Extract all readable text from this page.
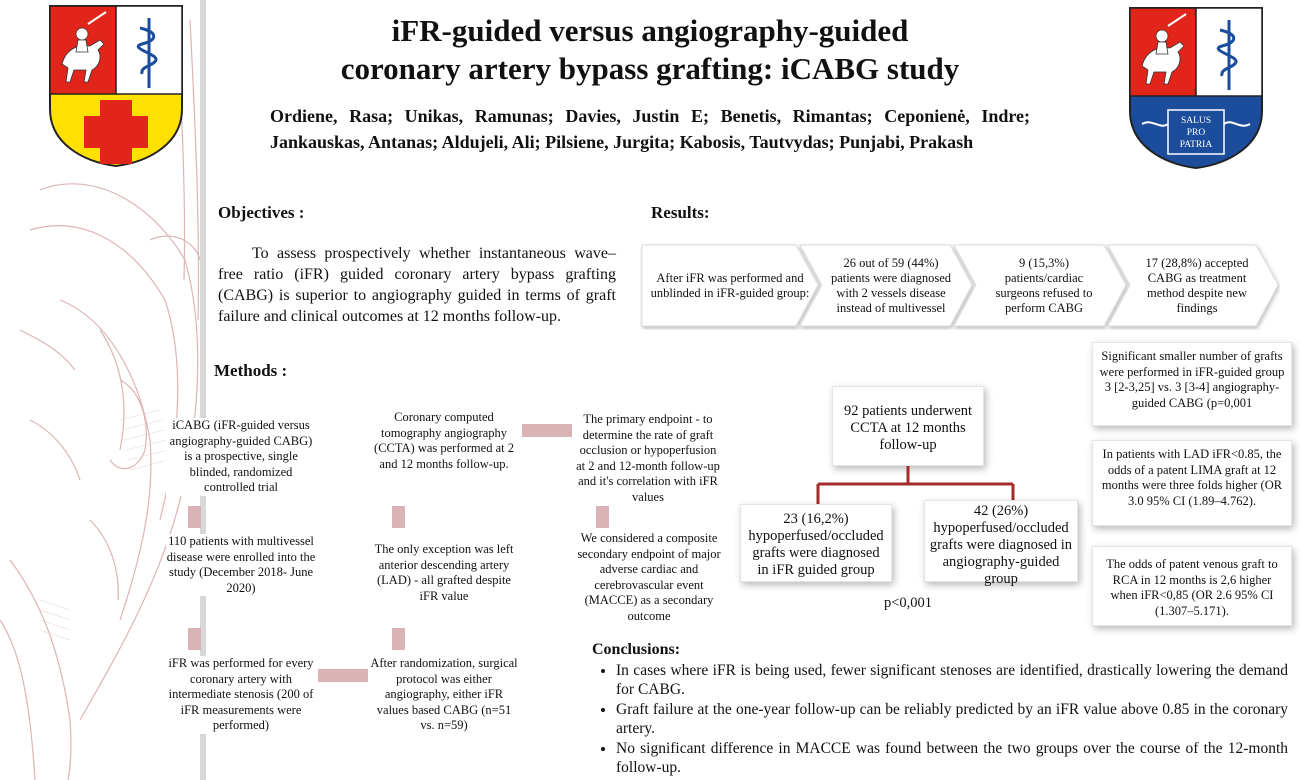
SALUS
PRO
PATRIA
iFR-guided versus angiography-guided
coronary artery bypass grafting: iCABG study
Ordiene, Rasa; Unikas, Ramunas; Davies, Justin E; Benetis, Rimantas; Ceponienė, Indre;
Jankauskas, Antanas; Aldujeli, Ali; Pilsiene, Jurgita; Kabosis, Tautvydas; Punjabi, Prakash
Objectives :
To assess prospectively whether instantaneous wave–free ratio (iFR) guided coronary artery bypass grafting (CABG) is superior to angiography guided in terms of graft failure and clinical outcomes at 12 months follow-up.
Methods :
iCABG (iFR-guided versus angiography-guided CABG) is a prospective, single blinded, randomized controlled trial
110 patients with multivessel disease were enrolled into the study (December 2018- June 2020)
iFR was performed for every coronary artery with intermediate stenosis (200 of iFR measurements were performed)
Coronary computed tomography angiography (CCTA) was performed at 2 and 12 months follow-up.
The only exception was left anterior descending artery (LAD) - all grafted despite iFR value
After randomization, surgical protocol was either angiography, either iFR values based CABG (n=51 vs. n=59)
The primary endpoint - to determine the rate of graft occlusion or hypoperfusion at 2 and 12-month follow-up and it's correlation with iFR values
We considered a composite secondary endpoint of major adverse cardiac and cerebrovascular event (MACCE) as a secondary outcome
Results:
After iFR was performed and unblinded in iFR-guided group:
26 out of 59 (44%) patients were diagnosed with 2 vessels disease instead of multivessel
9 (15,3%) patients/cardiac surgeons refused to perform CABG
17 (28,8%) accepted CABG as treatment method despite new findings
92 patients underwent CCTA at 12 months follow-up
23 (16,2%) hypoperfused/occluded grafts were diagnosed in iFR guided group
42 (26%) hypoperfused/occluded grafts were diagnosed in angiography-guided group
p<0,001
Significant smaller number of grafts were performed in iFR-guided group 3 [2-3,25] vs. 3 [3-4] angiography-guided CABG (p=0,001
In patients with LAD iFR<0.85, the odds of a patent LIMA graft at 12 months were three folds higher (OR 3.0 95% CI (1.89–4.762).
The odds of patent venous graft to RCA in 12 months is 2,6 higher when iFR<0,85 (OR 2.6 95% CI (1.307–5.171).
Conclusions:
• In cases where iFR is being used, fewer significant stenoses are identified, drastically lowering the demand for CABG.
• Graft failure at the one-year follow-up can be reliably predicted by an iFR value above 0.85 in the coronary artery.
• No significant difference in MACCE was found between the two groups over the course of the 12-month follow-up.
